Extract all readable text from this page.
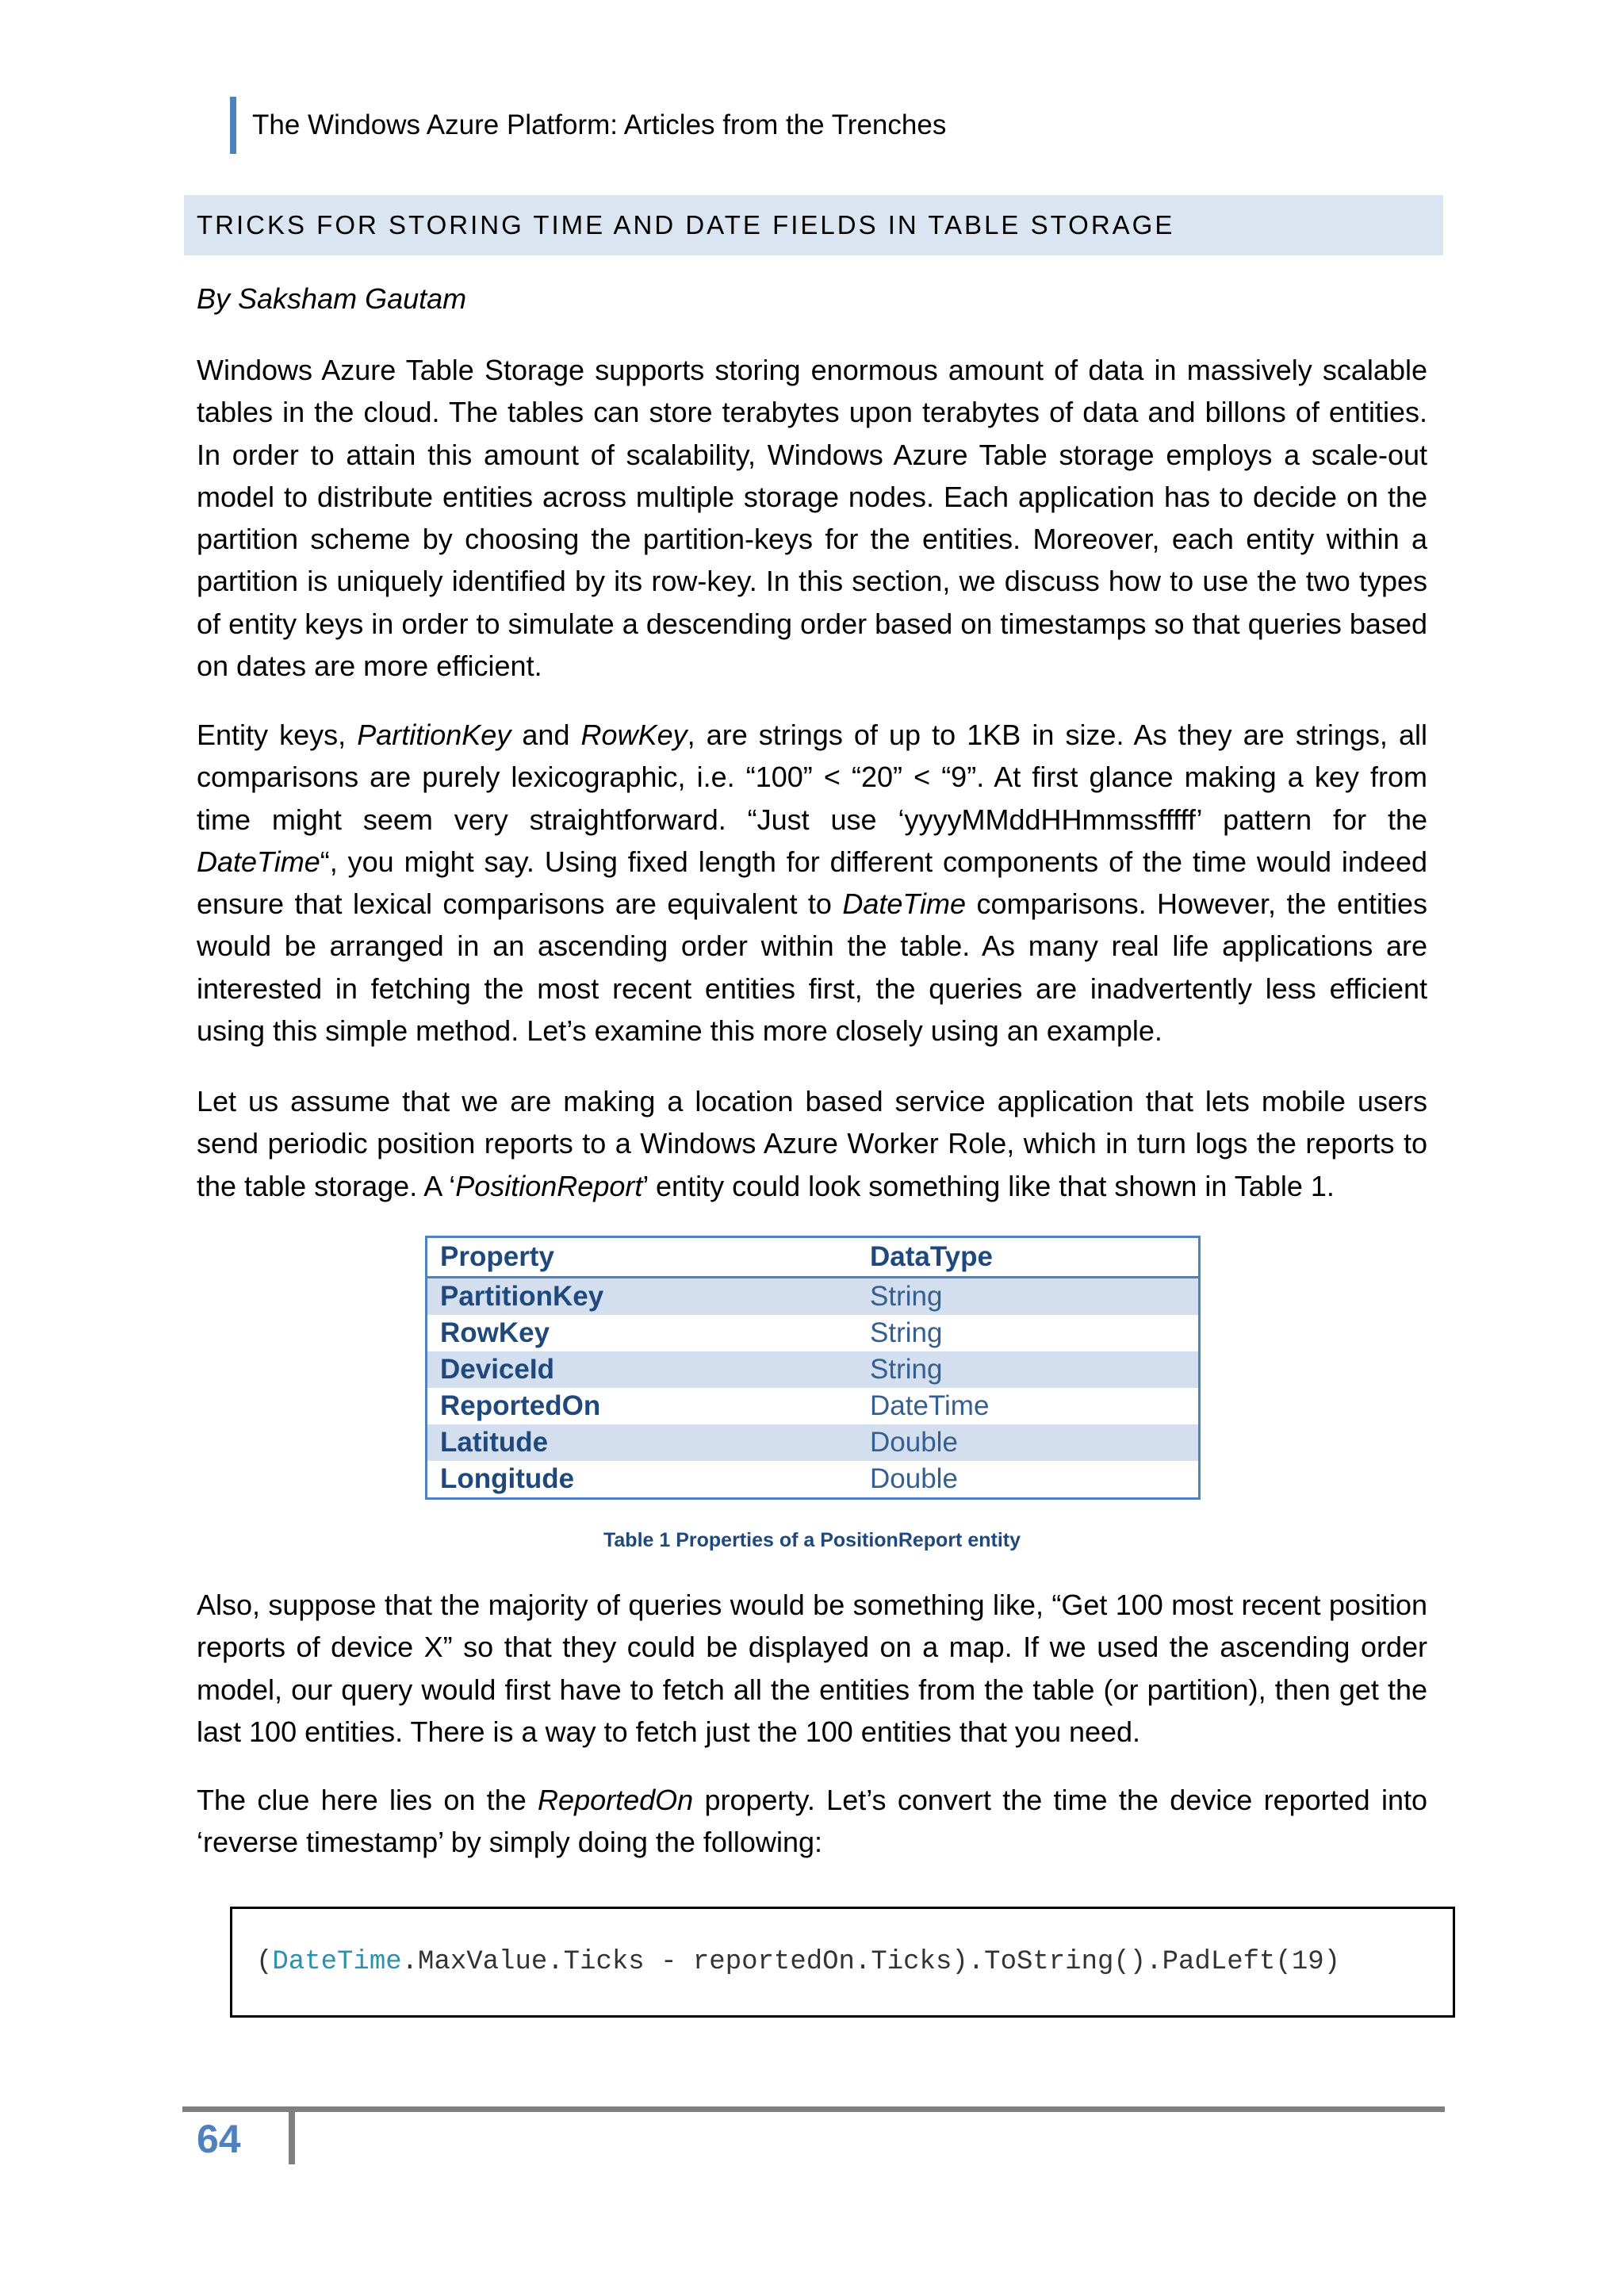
The Windows Azure Platform: Articles from the Trenches
TRICKS FOR STORING TIME AND DATE FIELDS IN TABLE STORAGE
By Saksham Gautam

Windows Azure Table Storage supports storing enormous amount of data in massively scalable tables in the cloud. The tables can store terabytes upon terabytes of data and billons of entities. In order to attain this amount of scalability, Windows Azure Table storage employs a scale-out model to distribute entities across multiple storage nodes. Each application has to decide on the partition scheme by choosing the partition-keys for the entities. Moreover, each entity within a partition is uniquely identified by its row-key. In this section, we discuss how to use the two types of entity keys in order to simulate a descending order based on timestamps so that queries based on dates are more efficient.

Entity keys, PartitionKey and RowKey, are strings of up to 1KB in size. As they are strings, all comparisons are purely lexicographic, i.e. “100” < “20” < “9”. At first glance making a key from time might seem very straightforward. “Just use ‘yyyyMMddHHmmssfffff’ pattern for the DateTime“, you might say. Using fixed length for different components of the time would indeed ensure that lexical comparisons are equivalent to DateTime comparisons. However, the entities would be arranged in an ascending order within the table. As many real life applications are interested in fetching the most recent entities first, the queries are inadvertently less efficient using this simple method. Let’s examine this more closely using an example.

Let us assume that we are making a location based service application that lets mobile users send periodic position reports to a Windows Azure Worker Role, which in turn logs the reports to the table storage. A ‘PositionReport’ entity could look something like that shown in Table 1.

Property	DataType
PartitionKey	String
RowKey	String
DeviceId	String
ReportedOn	DateTime
Latitude	Double
Longitude	Double
Table 1 Properties of a PositionReport entity

Also, suppose that the majority of queries would be something like, “Get 100 most recent position reports of device X” so that they could be displayed on a map. If we used the ascending order model, our query would first have to fetch all the entities from the table (or partition), then get the last 100 entities. There is a way to fetch just the 100 entities that you need.

The clue here lies on the ReportedOn property. Let’s convert the time the device reported into ‘reverse timestamp’ by simply doing the following:

( DateTime .MaxValue.Ticks - reportedOn.Ticks).ToString().PadLeft(19)
64
